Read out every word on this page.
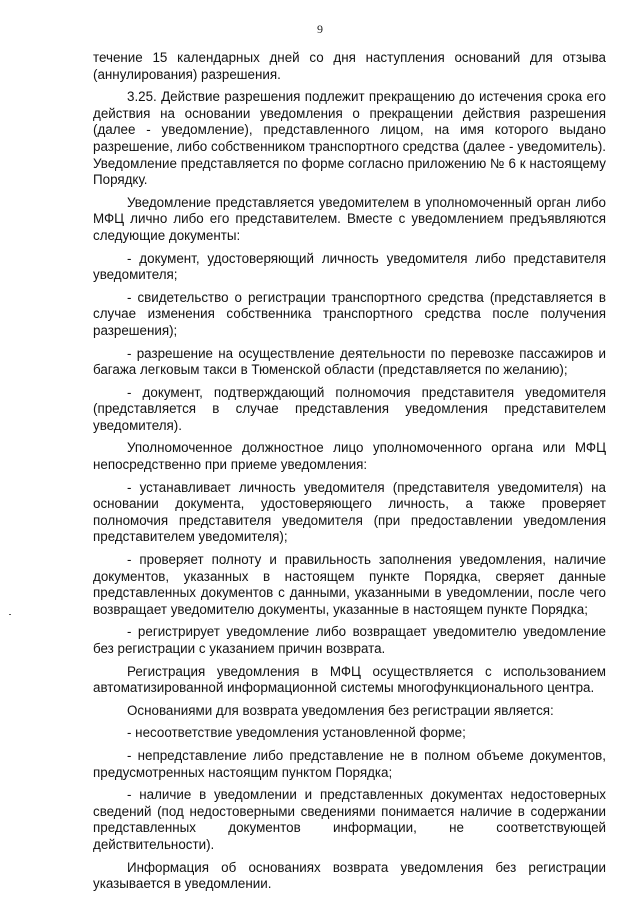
9

течение 15 календарных дней со дня наступления оснований для отзыва (аннулирования) разрешения.

3.25. Действие разрешения подлежит прекращению до истечения срока его действия на основании уведомления о прекращении действия разрешения (далее - уведомление), представленного лицом, на имя которого выдано разрешение, либо собственником транспортного средства (далее - уведомитель). Уведомление представляется по форме согласно приложению № 6 к настоящему Порядку.

Уведомление представляется уведомителем в уполномоченный орган либо МФЦ лично либо его представителем. Вместе с уведомлением предъявляются следующие документы:

- документ, удостоверяющий личность уведомителя либо представителя уведомителя;

- свидетельство о регистрации транспортного средства (представляется в случае изменения собственника транспортного средства после получения разрешения);

- разрешение на осуществление деятельности по перевозке пассажиров и багажа легковым такси в Тюменской области (представляется по желанию);

- документ, подтверждающий полномочия представителя уведомителя (представляется в случае представления уведомления представителем уведомителя).

Уполномоченное должностное лицо уполномоченного органа или МФЦ непосредственно при приеме уведомления:

- устанавливает личность уведомителя (представителя уведомителя) на основании документа, удостоверяющего личность, а также проверяет полномочия представителя уведомителя (при предоставлении уведомления представителем уведомителя);

- проверяет полноту и правильность заполнения уведомления, наличие документов, указанных в настоящем пункте Порядка, сверяет данные представленных документов с данными, указанными в уведомлении, после чего возвращает уведомителю документы, указанные в настоящем пункте Порядка;

- регистрирует уведомление либо возвращает уведомителю уведомление без регистрации с указанием причин возврата.

Регистрация уведомления в МФЦ осуществляется с использованием автоматизированной информационной системы многофункционального центра.

Основаниями для возврата уведомления без регистрации является:

- несоответствие уведомления установленной форме;

- непредставление либо представление не в полном объеме документов, предусмотренных настоящим пунктом Порядка;

- наличие в уведомлении и представленных документах недостоверных сведений (под недостоверными сведениями понимается наличие в содержании представленных документов информации, не соответствующей действительности).

Информация об основаниях возврата уведомления без регистрации указывается в уведомлении.
